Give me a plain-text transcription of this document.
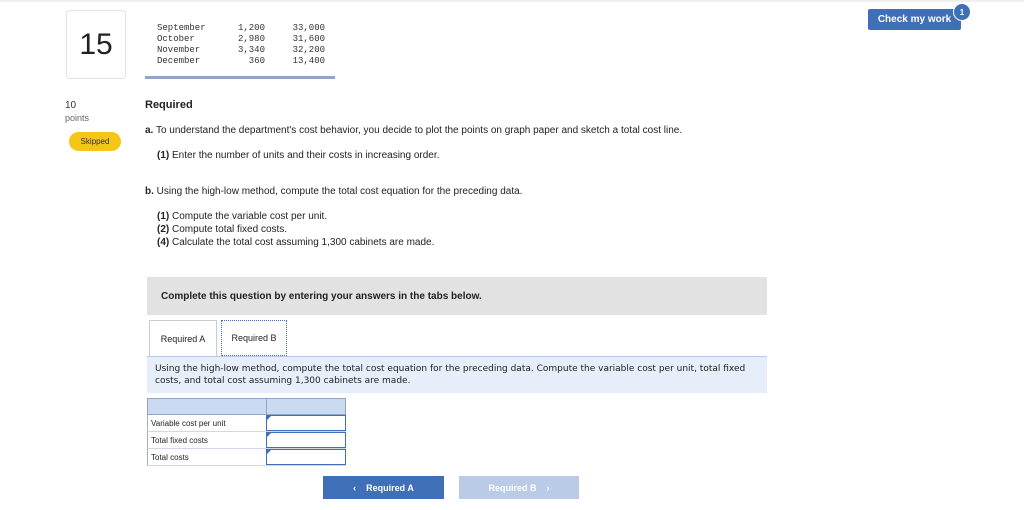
15
10
points
Skipped
Check my work
1
September	1,200	33,000
October	2,980	31,600
November	3,340	32,200
December	360	13,400
Required
a. To understand the department's cost behavior, you decide to plot the points on graph paper and sketch a total cost line.
(1) Enter the number of units and their costs in increasing order.
b. Using the high-low method, compute the total cost equation for the preceding data.
(1) Compute the variable cost per unit.
(2) Compute total fixed costs.
(4) Calculate the total cost assuming 1,300 cabinets are made.
Complete this question by entering your answers in the tabs below.
Required A	Required B
Using the high-low method, compute the total cost equation for the preceding data. Compute the variable cost per unit, total fixed costs, and total cost assuming 1,300 cabinets are made.
Variable cost per unit
Total fixed costs
Total costs
‹ Required A	Required B ›
